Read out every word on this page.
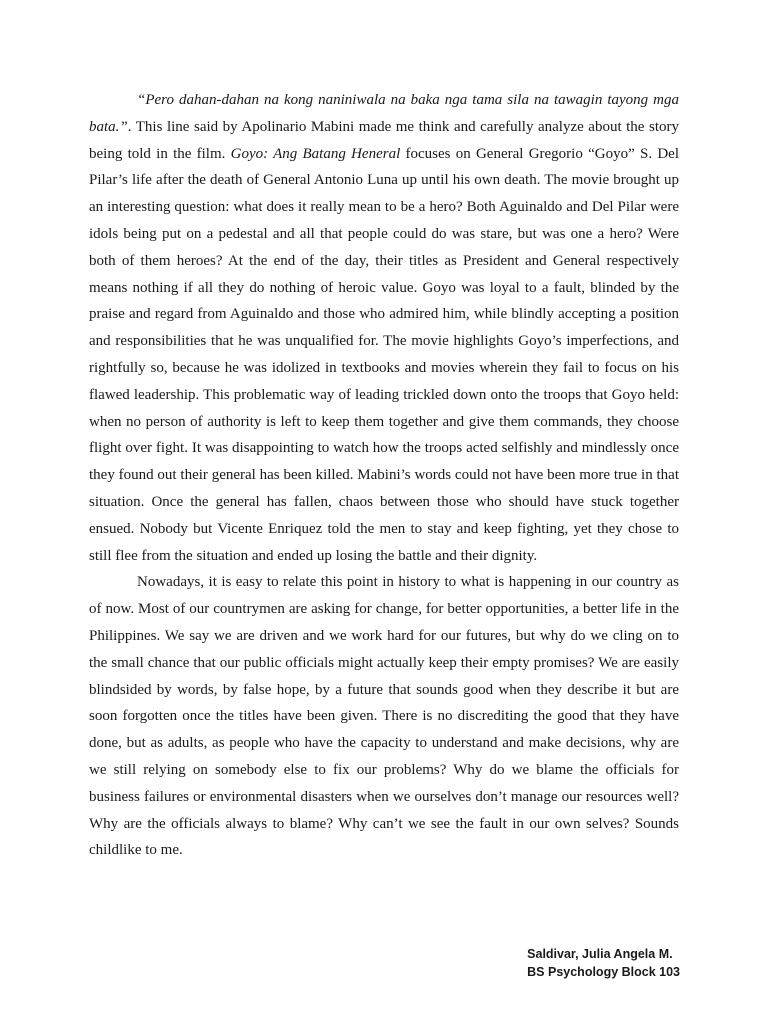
“Pero dahan-dahan na kong naniniwala na baka nga tama sila na tawagin tayong mga bata.”. This line said by Apolinario Mabini made me think and carefully analyze about the story being told in the film. Goyo: Ang Batang Heneral focuses on General Gregorio “Goyo” S. Del Pilar’s life after the death of General Antonio Luna up until his own death. The movie brought up an interesting question: what does it really mean to be a hero? Both Aguinaldo and Del Pilar were idols being put on a pedestal and all that people could do was stare, but was one a hero? Were both of them heroes? At the end of the day, their titles as President and General respectively means nothing if all they do nothing of heroic value. Goyo was loyal to a fault, blinded by the praise and regard from Aguinaldo and those who admired him, while blindly accepting a position and responsibilities that he was unqualified for. The movie highlights Goyo’s imperfections, and rightfully so, because he was idolized in textbooks and movies wherein they fail to focus on his flawed leadership. This problematic way of leading trickled down onto the troops that Goyo held: when no person of authority is left to keep them together and give them commands, they choose flight over fight. It was disappointing to watch how the troops acted selfishly and mindlessly once they found out their general has been killed. Mabini’s words could not have been more true in that situation. Once the general has fallen, chaos between those who should have stuck together ensued. Nobody but Vicente Enriquez told the men to stay and keep fighting, yet they chose to still flee from the situation and ended up losing the battle and their dignity.

Nowadays, it is easy to relate this point in history to what is happening in our country as of now. Most of our countrymen are asking for change, for better opportunities, a better life in the Philippines. We say we are driven and we work hard for our futures, but why do we cling on to the small chance that our public officials might actually keep their empty promises? We are easily blindsided by words, by false hope, by a future that sounds good when they describe it but are soon forgotten once the titles have been given. There is no discrediting the good that they have done, but as adults, as people who have the capacity to understand and make decisions, why are we still relying on somebody else to fix our problems? Why do we blame the officials for business failures or environmental disasters when we ourselves don’t manage our resources well? Why are the officials always to blame? Why can’t we see the fault in our own selves? Sounds childlike to me.

Saldivar, Julia Angela M.
BS Psychology Block 103
